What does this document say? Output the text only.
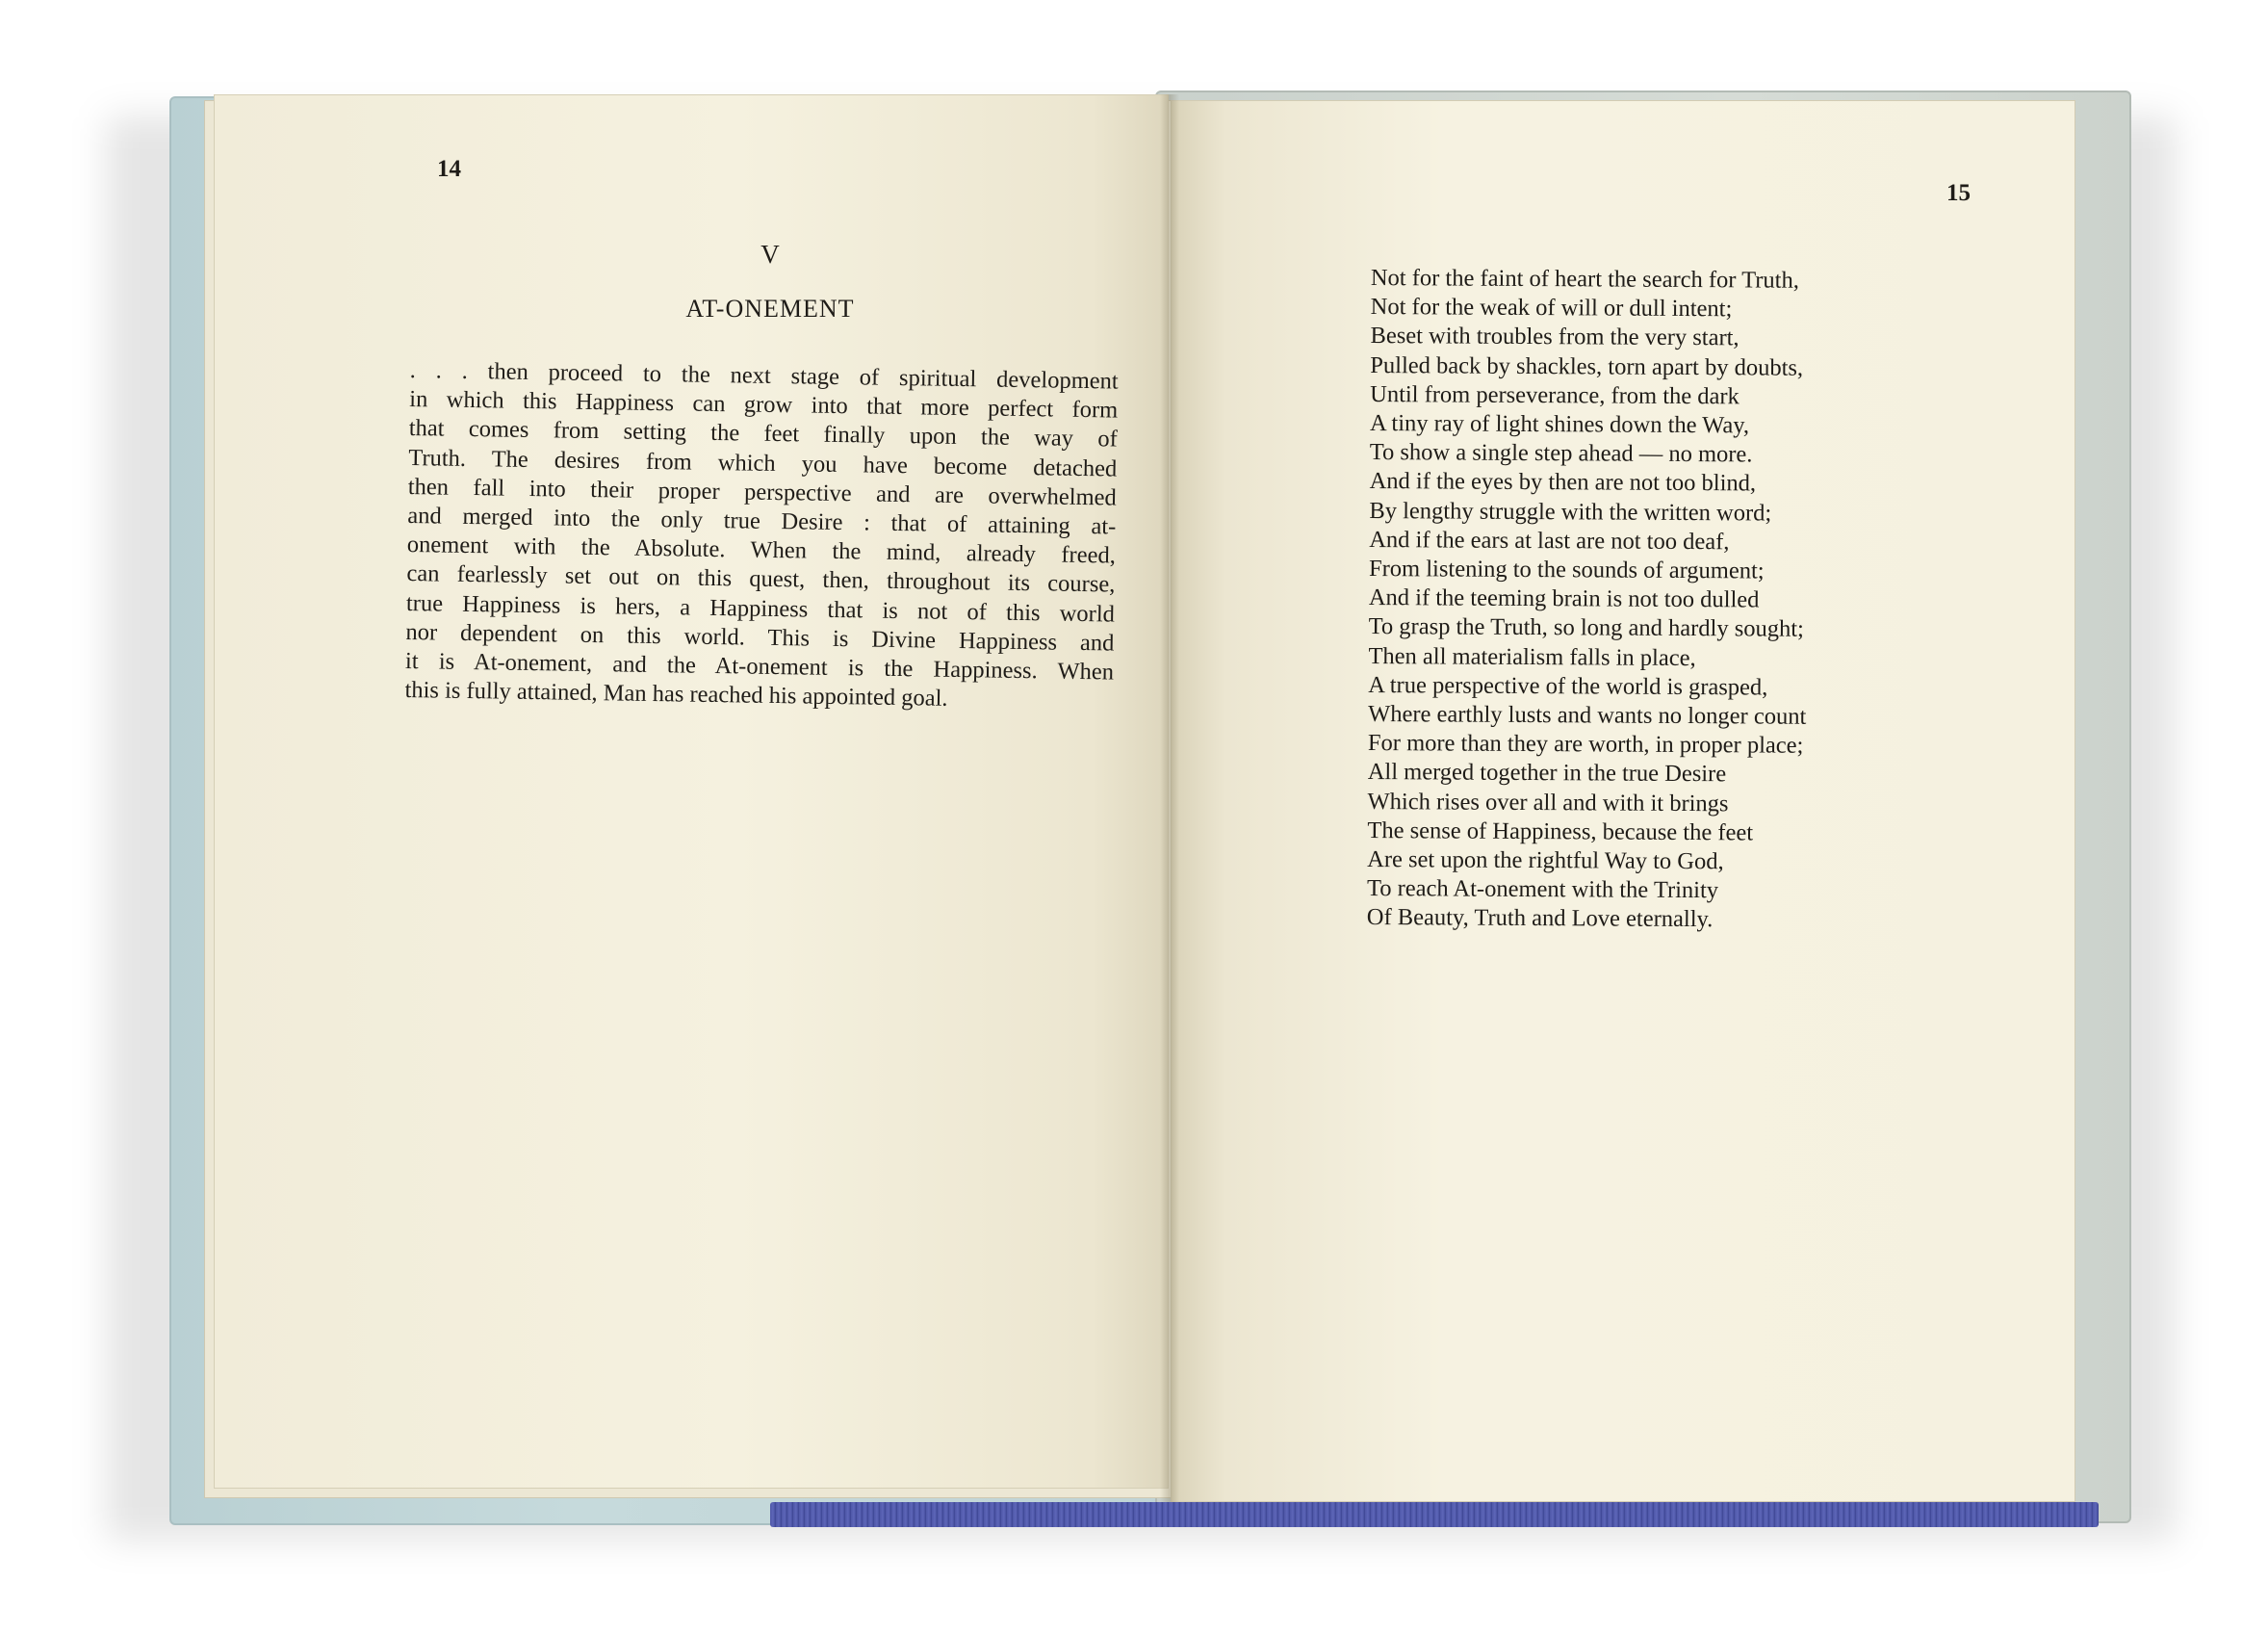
14
V
AT-ONEMENT
. . . then proceed to the next stage of spiritual development
in which this Happiness can grow into that more perfect form
that comes from setting the feet finally upon the way of
Truth. The desires from which you have become detached
then fall into their proper perspective and are overwhelmed
and merged into the only true Desire : that of attaining at-
onement with the Absolute. When the mind, already freed,
can fearlessly set out on this quest, then, throughout its course,
true Happiness is hers, a Happiness that is not of this world
nor dependent on this world. This is Divine Happiness and
it is At-onement, and the At-onement is the Happiness. When
this is fully attained, Man has reached his appointed goal.
15
Not for the faint of heart the search for Truth,
Not for the weak of will or dull intent;
Beset with troubles from the very start,
Pulled back by shackles, torn apart by doubts,
Until from perseverance, from the dark
A tiny ray of light shines down the Way,
To show a single step ahead — no more.
And if the eyes by then are not too blind,
By lengthy struggle with the written word;
And if the ears at last are not too deaf,
From listening to the sounds of argument;
And if the teeming brain is not too dulled
To grasp the Truth, so long and hardly sought;
Then all materialism falls in place,
A true perspective of the world is grasped,
Where earthly lusts and wants no longer count
For more than they are worth, in proper place;
All merged together in the true Desire
Which rises over all and with it brings
The sense of Happiness, because the feet
Are set upon the rightful Way to God,
To reach At-onement with the Trinity
Of Beauty, Truth and Love eternally.
